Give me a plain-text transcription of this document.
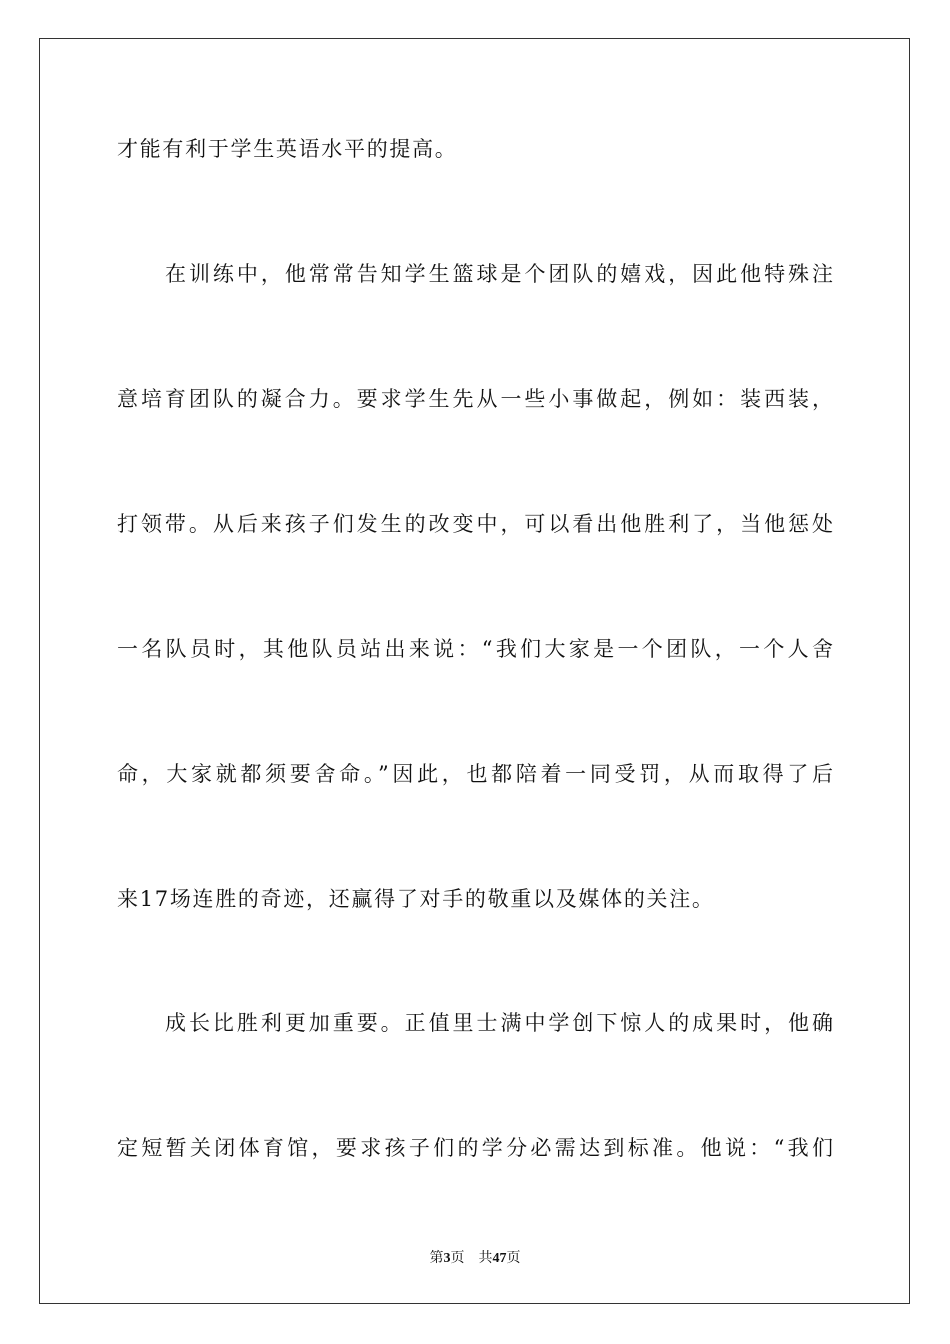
才能有利于学生英语水平的提高。
在训练中，他常常告知学生篮球是个团队的嬉戏，因此他特殊注
意培育团队的凝合力。要求学生先从一些小事做起，例如：装西装，
打领带。从后来孩子们发生的改变中，可以看出他胜利了，当他惩处
一名队员时，其他队员站出来说：“我们大家是一个团队，一个人舍
命，大家就都须要舍命。”因此，也都陪着一同受罚，从而取得了后
来17场连胜的奇迹，还赢得了对手的敬重以及媒体的关注。
成长比胜利更加重要。正值里士满中学创下惊人的成果时，他确
定短暂关闭体育馆，要求孩子们的学分必需达到标准。他说：“我们
第3页 共47页
